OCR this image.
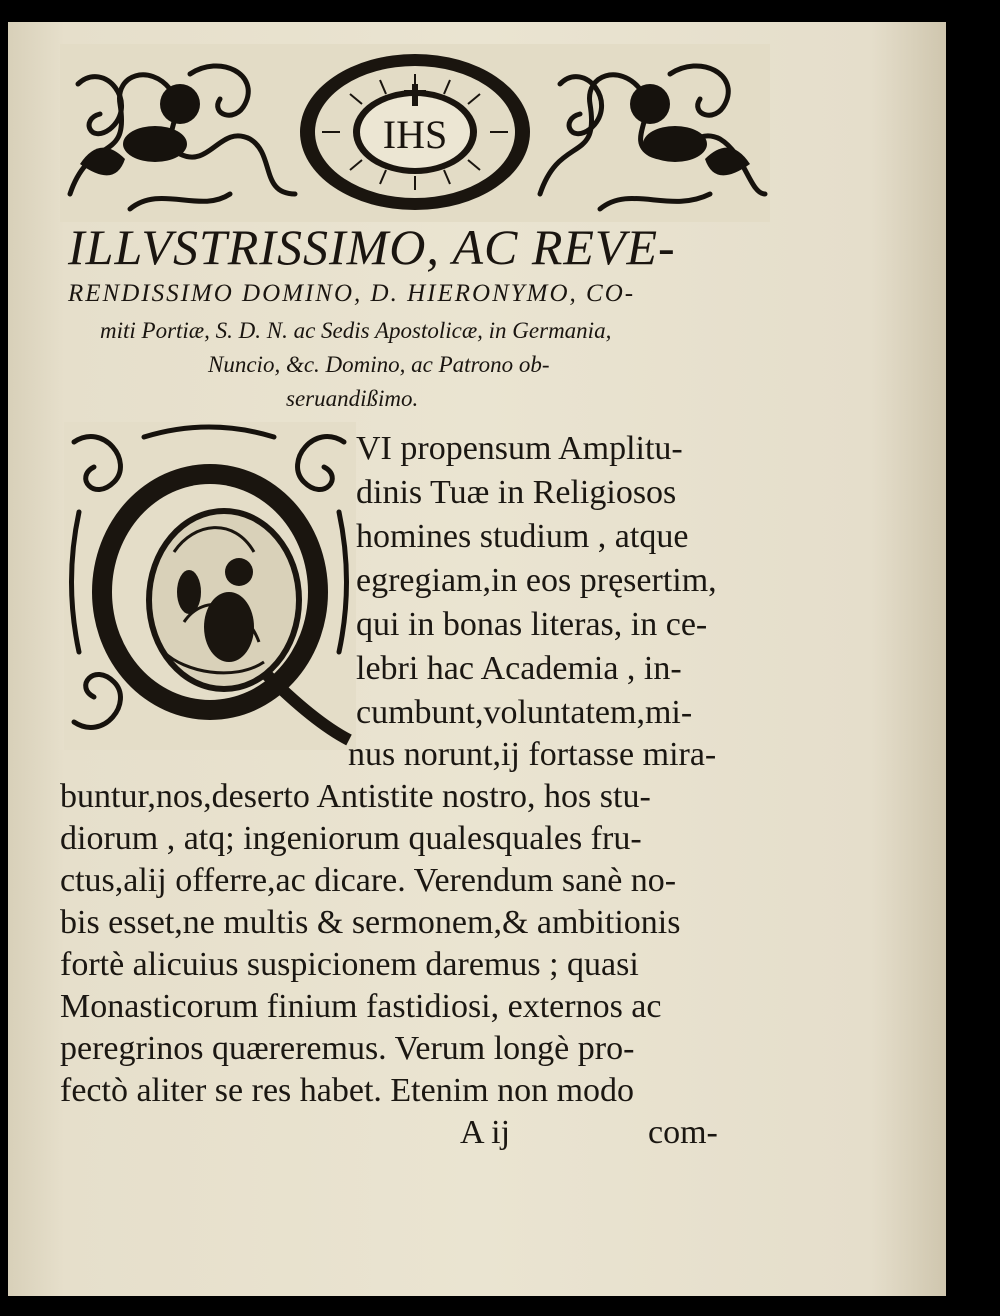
IHS
ILLVSTRISSIMO, AC REVE-
RENDISSIMO DOMINO, D. HIERONYMO, CO-
miti Portiæ, S. D. N. ac Sedis Apostolicæ, in Germania,
Nuncio, &c. Domino, ac Patrono ob-
seruandißimo.
Q
VI propensum Amplitu-
dinis Tuæ in Religiosos
homines studium , atque
egregiam,in eos pręsertim,
qui in bonas literas, in ce-
lebri hac Academia , in-
cumbunt,voluntatem,mi-
nus norunt,ij fortasse mira-
buntur,nos,deserto Antistite nostro, hos stu-
diorum , atq; ingeniorum qualesquales fru-
ctus,alij offerre,ac dicare. Verendum sanè no-
bis esset,ne multis & sermonem,& ambitionis
fortè alicuius suspicionem daremus ; quasi
Monasticorum finium fastidiosi, externos ac
peregrinos quæreremus. Verum longè pro-
fectò aliter se res habet. Etenim non modo
A ij	com-
